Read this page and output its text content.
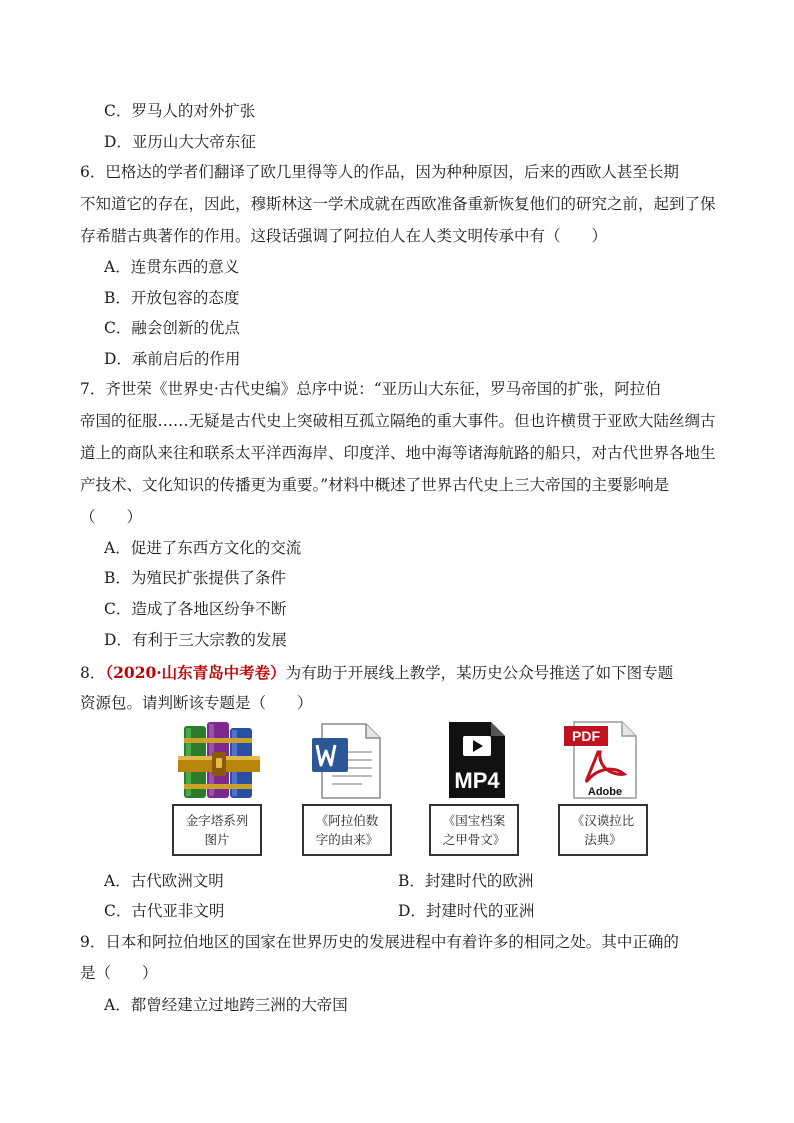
C．罗马人的对外扩张
D．亚历山大大帝东征
6．巴格达的学者们翻译了欧几里得等人的作品，因为种种原因，后来的西欧人甚至长期
不知道它的存在，因此，穆斯林这一学术成就在西欧准备重新恢复他们的研究之前，起到了保
存希腊古典著作的作用。这段话强调了阿拉伯人在人类文明传承中有（　　）
A．连贯东西的意义
B．开放包容的态度
C．融会创新的优点
D．承前启后的作用
7．齐世荣《世界史·古代史编》总序中说：“亚历山大东征，罗马帝国的扩张，阿拉伯
帝国的征服……无疑是古代史上突破相互孤立隔绝的重大事件。但也许横贯于亚欧大陆丝绸古
道上的商队来往和联系太平洋西海岸、印度洋、地中海等诸海航路的船只，对古代世界各地生
产技术、文化知识的传播更为重要。”材料中概述了世界古代史上三大帝国的主要影响是
（　　）
A．促进了东西方文化的交流
B．为殖民扩张提供了条件
C．造成了各地区纷争不断
D．有利于三大宗教的发展
8．（2020·山东青岛中考卷）为有助于开展线上教学，某历史公众号推送了如下图专题
资源包。请判断该专题是（　　）
金字塔系列
图片
《阿拉伯数
字的由来》
MP4
《国宝档案
之甲骨文》
PDF
Adobe
《汉谟拉比
法典》
A．古代欧洲文明	B．封建时代的欧洲
C．古代亚非文明	D．封建时代的亚洲
9．日本和阿拉伯地区的国家在世界历史的发展进程中有着许多的相同之处。其中正确的
是（　　）
A．都曾经建立过地跨三洲的大帝国
